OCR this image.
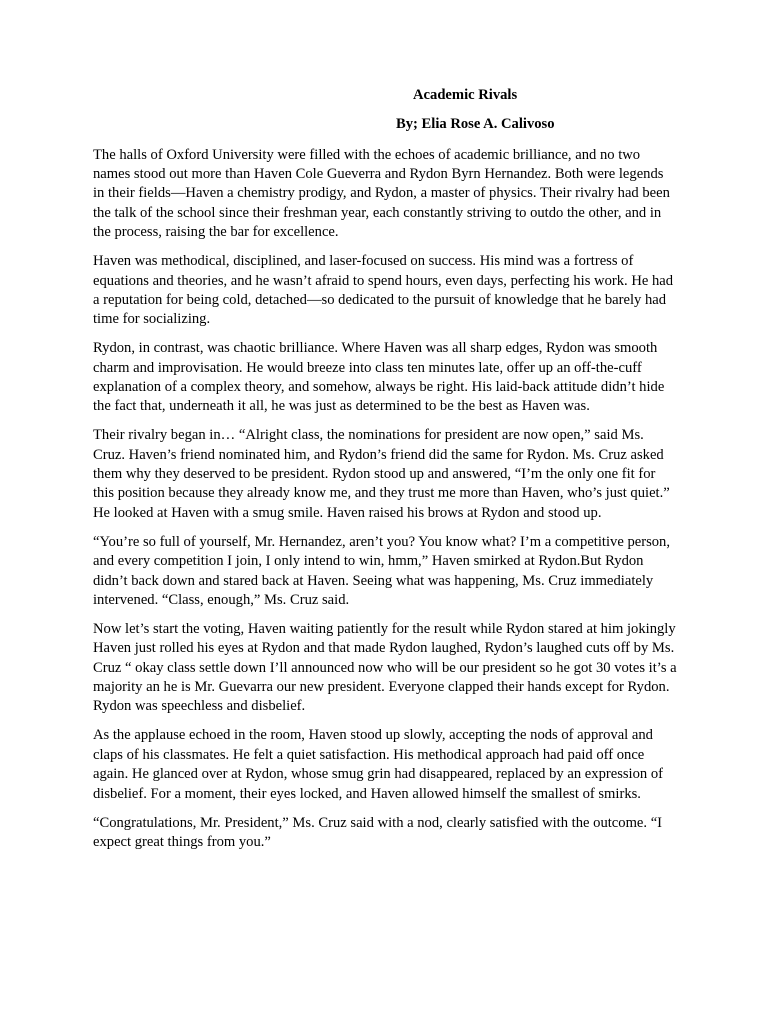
Academic Rivals

By; Elia Rose A. Calivoso

The halls of Oxford University were filled with the echoes of academic brilliance, and no two names stood out more than Haven Cole Gueverra and Rydon Byrn Hernandez. Both were legends in their fields—Haven a chemistry prodigy, and Rydon, a master of physics. Their rivalry had been the talk of the school since their freshman year, each constantly striving to outdo the other, and in the process, raising the bar for excellence.

Haven was methodical, disciplined, and laser-focused on success. His mind was a fortress of equations and theories, and he wasn’t afraid to spend hours, even days, perfecting his work. He had a reputation for being cold, detached—so dedicated to the pursuit of knowledge that he barely had time for socializing.

Rydon, in contrast, was chaotic brilliance. Where Haven was all sharp edges, Rydon was smooth charm and improvisation. He would breeze into class ten minutes late, offer up an off-the-cuff explanation of a complex theory, and somehow, always be right. His laid-back attitude didn’t hide the fact that, underneath it all, he was just as determined to be the best as Haven was.

Their rivalry began in… “Alright class, the nominations for president are now open,” said Ms. Cruz. Haven’s friend nominated him, and Rydon’s friend did the same for Rydon. Ms. Cruz asked them why they deserved to be president. Rydon stood up and answered, “I’m the only one fit for this position because they already know me, and they trust me more than Haven, who’s just quiet.” He looked at Haven with a smug smile. Haven raised his brows at Rydon and stood up.

“You’re so full of yourself, Mr. Hernandez, aren’t you? You know what? I’m a competitive person, and every competition I join, I only intend to win, hmm,” Haven smirked at Rydon.But Rydon didn’t back down and stared back at Haven. Seeing what was happening, Ms. Cruz immediately intervened. “Class, enough,” Ms. Cruz said.

Now let’s start the voting, Haven waiting patiently for the result while Rydon stared at him jokingly Haven just rolled his eyes at Rydon and that made Rydon laughed, Rydon’s laughed cuts off by Ms. Cruz “ okay class settle down I’ll announced now who will be our president so he got 30 votes it’s a majority an he is Mr. Guevarra our new president. Everyone clapped their hands except for Rydon. Rydon was speechless and disbelief.

As the applause echoed in the room, Haven stood up slowly, accepting the nods of approval and claps of his classmates. He felt a quiet satisfaction. His methodical approach had paid off once again. He glanced over at Rydon, whose smug grin had disappeared, replaced by an expression of disbelief. For a moment, their eyes locked, and Haven allowed himself the smallest of smirks.

“Congratulations, Mr. President,” Ms. Cruz said with a nod, clearly satisfied with the outcome. “I expect great things from you.”
